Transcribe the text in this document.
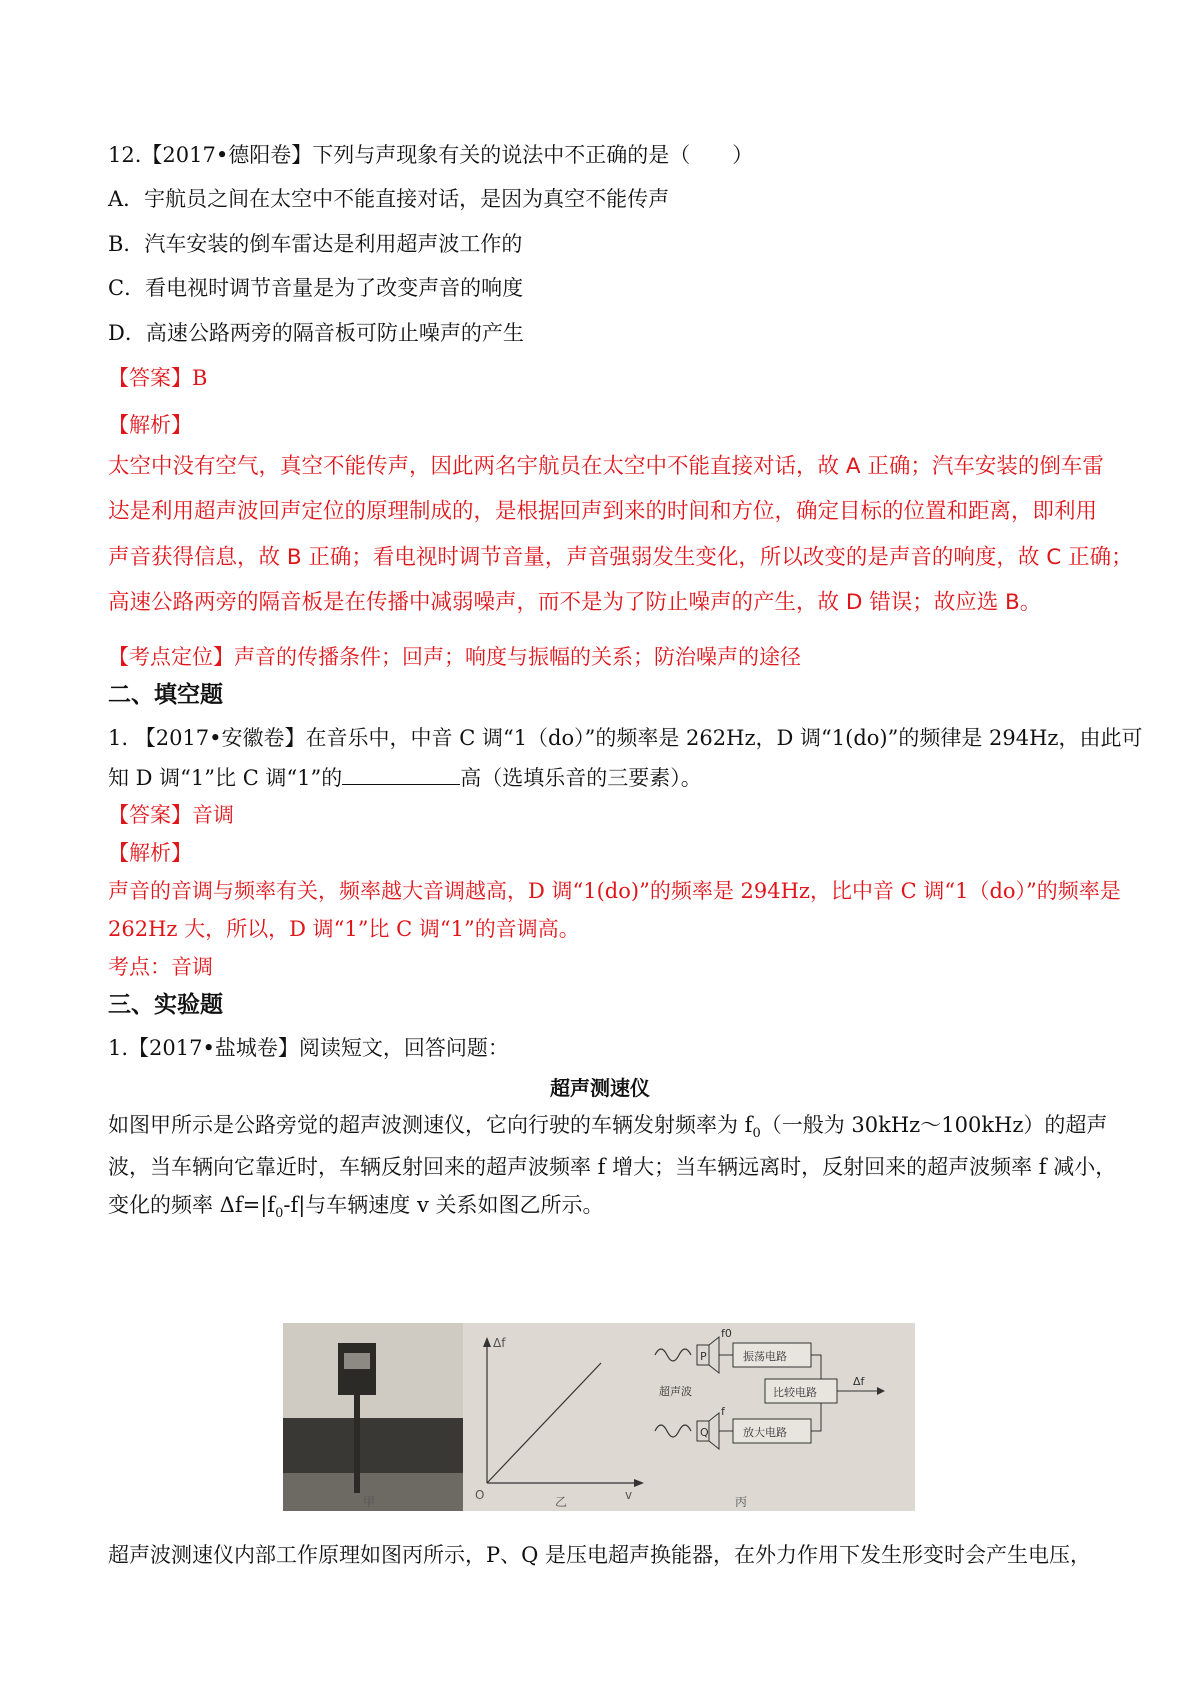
12.【2017•德阳卷】下列与声现象有关的说法中不正确的是（　　）
A．宇航员之间在太空中不能直接对话，是因为真空不能传声
B．汽车安装的倒车雷达是利用超声波工作的
C．看电视时调节音量是为了改变声音的响度
D．高速公路两旁的隔音板可防止噪声的产生
【答案】B
【解析】
太空中没有空气，真空不能传声，因此两名宇航员在太空中不能直接对话，故 A 正确；汽车安装的倒车雷
达是利用超声波回声定位的原理制成的，是根据回声到来的时间和方位，确定目标的位置和距离，即利用
声音获得信息，故 B 正确；看电视时调节音量，声音强弱发生变化，所以改变的是声音的响度，故 C 正确；
高速公路两旁的隔音板是在传播中减弱噪声，而不是为了防止噪声的产生，故 D 错误；故应选 B。
【考点定位】声音的传播条件；回声；响度与振幅的关系；防治噪声的途径
二、填空题
1. 【2017•安徽卷】在音乐中，中音 C 调“1（do）”的频率是 262Hz，D 调“1(do)”的频律是 294Hz，由此可
知 D 调“1”比 C 调“1”的	高（选填乐音的三要素）。
【答案】音调
【解析】
声音的音调与频率有关，频率越大音调越高，D 调“1(do)”的频率是 294Hz，比中音 C 调“1（do）”的频率是
262Hz 大，所以，D 调“1”比 C 调“1”的音调高。
考点：音调
三、实验题
1.【2017•盐城卷】阅读短文，回答问题：
超声测速仪
如图甲所示是公路旁觉的超声波测速仪，它向行驶的车辆发射频率为 $f_0$（一般为 30kHz～100kHz）的超声
波，当车辆向它靠近时，车辆反射回来的超声波频率 f 增大；当车辆远离时，反射回来的超声波频率 f 减小，
变化的频率 $\Delta f=|f_0-f|$与车辆速度 v 关系如图乙所示。
甲
Δf
v
O	乙
P
Q
超声波
振荡电路
比较电路
放大电路
f0
f
Δf
丙
超声波测速仪内部工作原理如图丙所示，P、Q 是压电超声换能器，在外力作用下发生形变时会产生电压，
